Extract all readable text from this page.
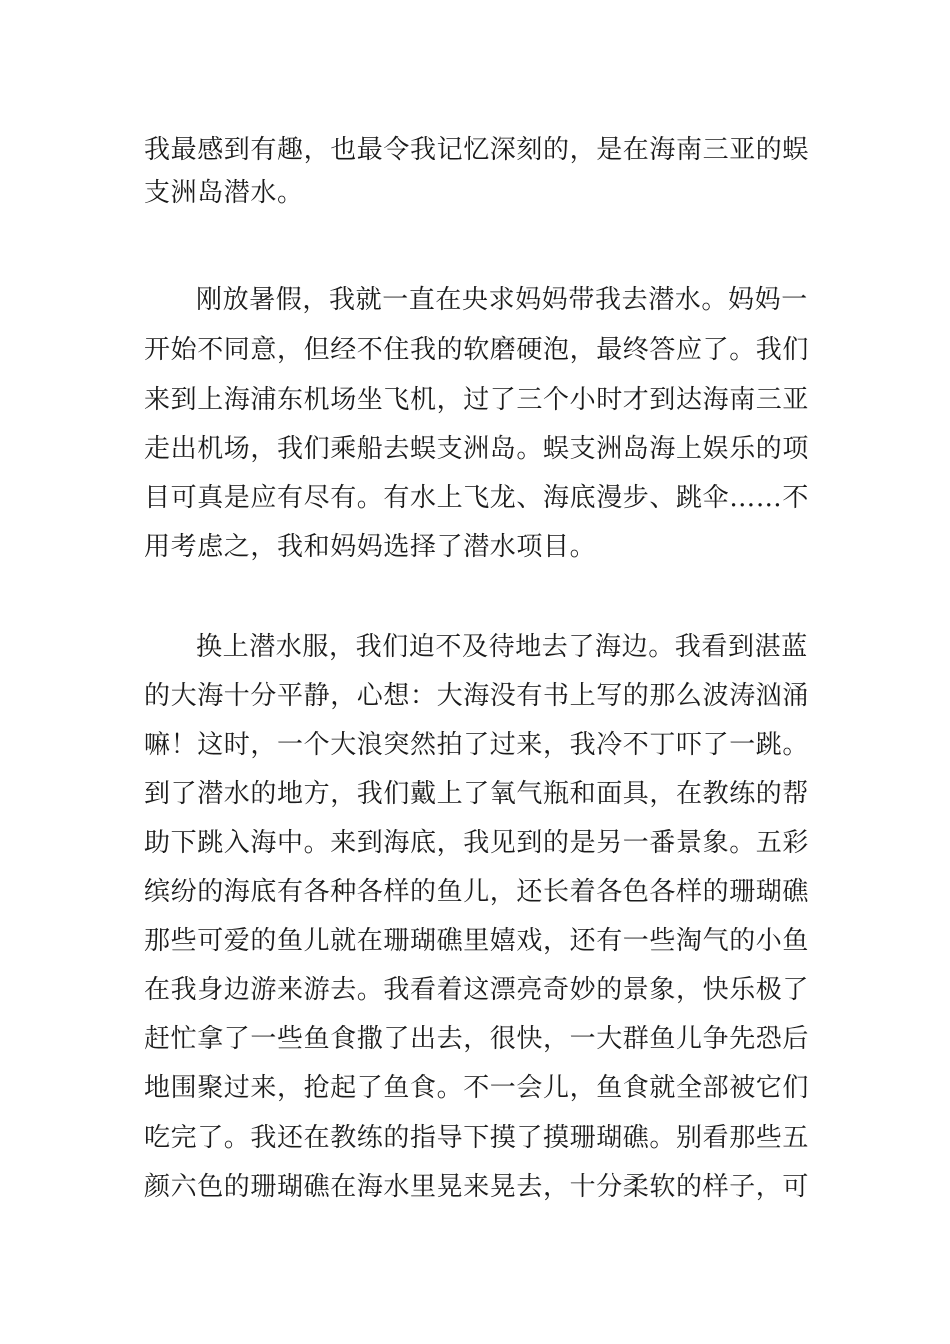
我最感到有趣，也最令我记忆深刻的，是在海南三亚的蜈
支洲岛潜水。
刚放暑假，我就一直在央求妈妈带我去潜水。妈妈一
开始不同意，但经不住我的软磨硬泡，最终答应了。我们
来到上海浦东机场坐飞机，过了三个小时才到达海南三亚
走出机场，我们乘船去蜈支洲岛。蜈支洲岛海上娱乐的项
目可真是应有尽有。有水上飞龙、海底漫步、跳伞……不
用考虑之，我和妈妈选择了潜水项目。
换上潜水服，我们迫不及待地去了海边。我看到湛蓝
的大海十分平静，心想：大海没有书上写的那么波涛汹涌
嘛！这时，一个大浪突然拍了过来，我冷不丁吓了一跳。
到了潜水的地方，我们戴上了氧气瓶和面具，在教练的帮
助下跳入海中。来到海底，我见到的是另一番景象。五彩
缤纷的海底有各种各样的鱼儿，还长着各色各样的珊瑚礁
那些可爱的鱼儿就在珊瑚礁里嬉戏，还有一些淘气的小鱼
在我身边游来游去。我看着这漂亮奇妙的景象，快乐极了
赶忙拿了一些鱼食撒了出去，很快，一大群鱼儿争先恐后
地围聚过来，抢起了鱼食。不一会儿，鱼食就全部被它们
吃完了。我还在教练的指导下摸了摸珊瑚礁。别看那些五
颜六色的珊瑚礁在海水里晃来晃去，十分柔软的样子，可
